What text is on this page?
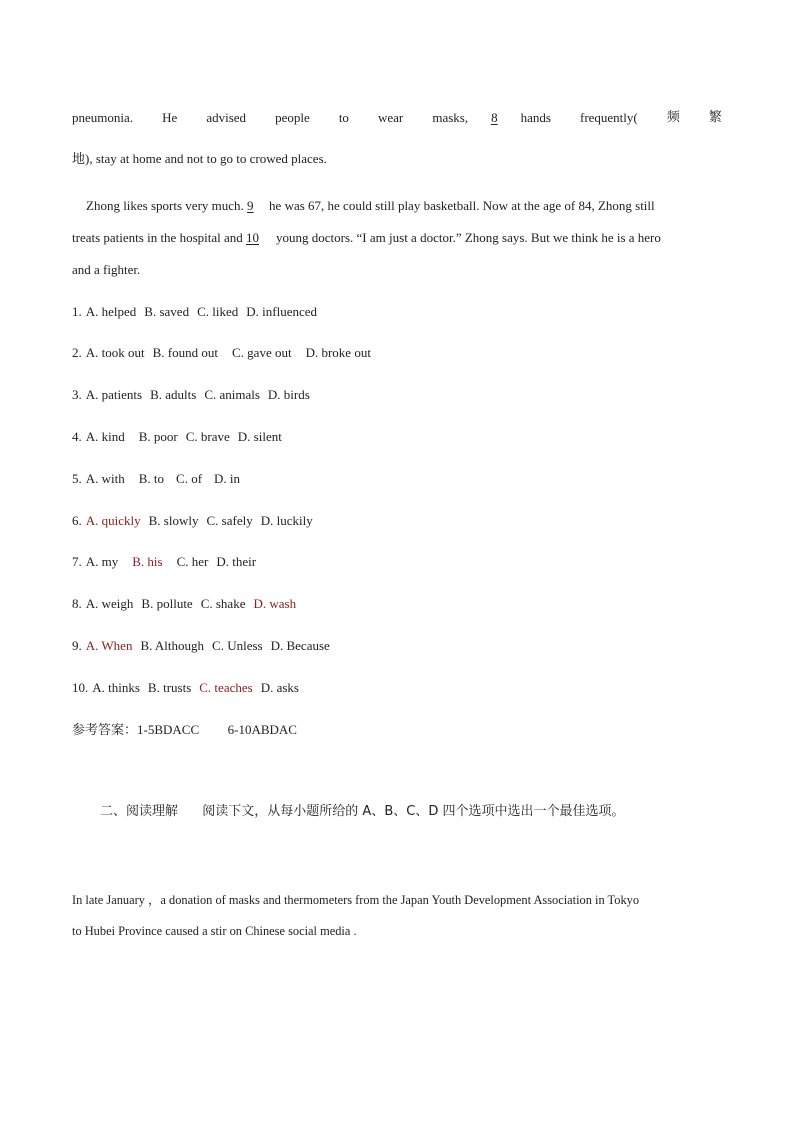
pneumonia. He advised people to wear masks, 8 hands frequently( 频 繁
地), stay at home and not to go to crowed places.
Zhong likes sports very much. 9 he was 67, he could still play basketball. Now at the age of 84, Zhong still
treats patients in the hospital and 10 young doctors. “I am just a doctor.” Zhong says. But we think he is a hero
and a fighter.
1. A. helped B. saved C. liked D. influenced
2. A. took out B. found out C. gave out D. broke out
3. A. patients B. adults C. animals D. birds
4. A. kind B. poor C. brave D. silent
5. A. with B. to C. of D. in
6. A. quickly B. slowly C. safely D. luckily
7. A. my B. his C. her D. their
8. A. weigh B. pollute C. shake D. wash
9. A. When B. Although C. Unless D. Because
10. A. thinks B. trusts C. teaches D. asks
参考答案：1-5BDACC 6-10ABDAC
二、阅读理解 阅读下文，从每小题所给的 A、B、C、D 四个选项中选出一个最佳选项。
In late January ，a donation of masks and thermometers from the Japan Youth Development Association in Tokyo
to Hubei Province caused a stir on Chinese social media .
